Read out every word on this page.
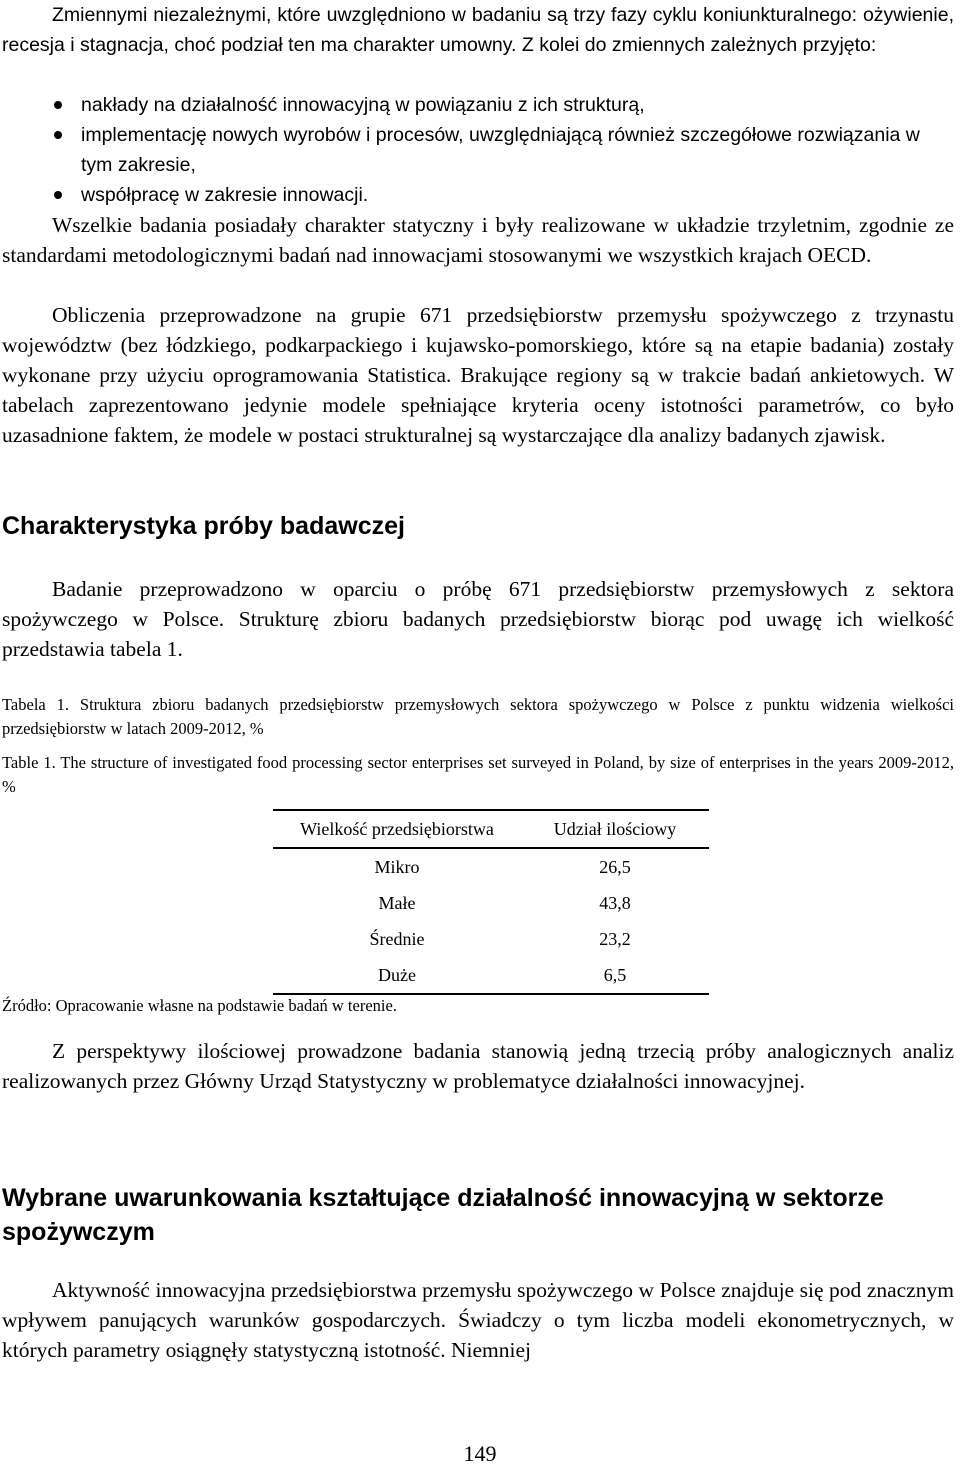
Zmiennymi niezależnymi, które uwzględniono w badaniu są trzy fazy cyklu koniunkturalnego: ożywienie, recesja i stagnacja, choć podział ten ma charakter umowny. Z kolei do zmiennych zależnych przyjęto:

nakłady na działalność innowacyjną w powiązaniu z ich strukturą,
implementację nowych wyrobów i procesów, uwzględniającą również szczegółowe rozwiązania w tym zakresie,
współpracę w zakresie innowacji.

Wszelkie badania posiadały charakter statyczny i były realizowane w układzie trzyletnim, zgodnie ze standardami metodologicznymi badań nad innowacjami stosowanymi we wszystkich krajach OECD.

Obliczenia przeprowadzone na grupie 671 przedsiębiorstw przemysłu spożywczego z trzynastu województw (bez łódzkiego, podkarpackiego i kujawsko-pomorskiego, które są na etapie badania) zostały wykonane przy użyciu oprogramowania Statistica. Brakujące regiony są w trakcie badań ankietowych. W tabelach zaprezentowano jedynie modele spełniające kryteria oceny istotności parametrów, co było uzasadnione faktem, że modele w postaci strukturalnej są wystarczające dla analizy badanych zjawisk.

Charakterystyka próby badawczej

Badanie przeprowadzono w oparciu o próbę 671 przedsiębiorstw przemysłowych z sektora spożywczego w Polsce. Strukturę zbioru badanych przedsiębiorstw biorąc pod uwagę ich wielkość przedstawia tabela 1.

Tabela 1. Struktura zbioru badanych przedsiębiorstw przemysłowych sektora spożywczego w Polsce z punktu widzenia wielkości przedsiębiorstw w latach 2009-2012, %

Table 1. The structure of investigated food processing sector enterprises set surveyed in Poland, by size of enterprises in the years 2009-2012, %

Wielkość przedsiębiorstwa	Udział ilościowy
Mikro	26,5
Małe	43,8
Średnie	23,2
Duże	6,5

Źródło: Opracowanie własne na podstawie badań w terenie.

Z perspektywy ilościowej prowadzone badania stanowią jedną trzecią próby analogicznych analiz realizowanych przez Główny Urząd Statystyczny w problematyce działalności innowacyjnej.

Wybrane uwarunkowania kształtujące działalność innowacyjną w sektorze spożywczym

Aktywność innowacyjna przedsiębiorstwa przemysłu spożywczego w Polsce znajduje się pod znacznym wpływem panujących warunków gospodarczych. Świadczy o tym liczba modeli ekonometrycznych, w których parametry osiągnęły statystyczną istotność. Niemniej

149
